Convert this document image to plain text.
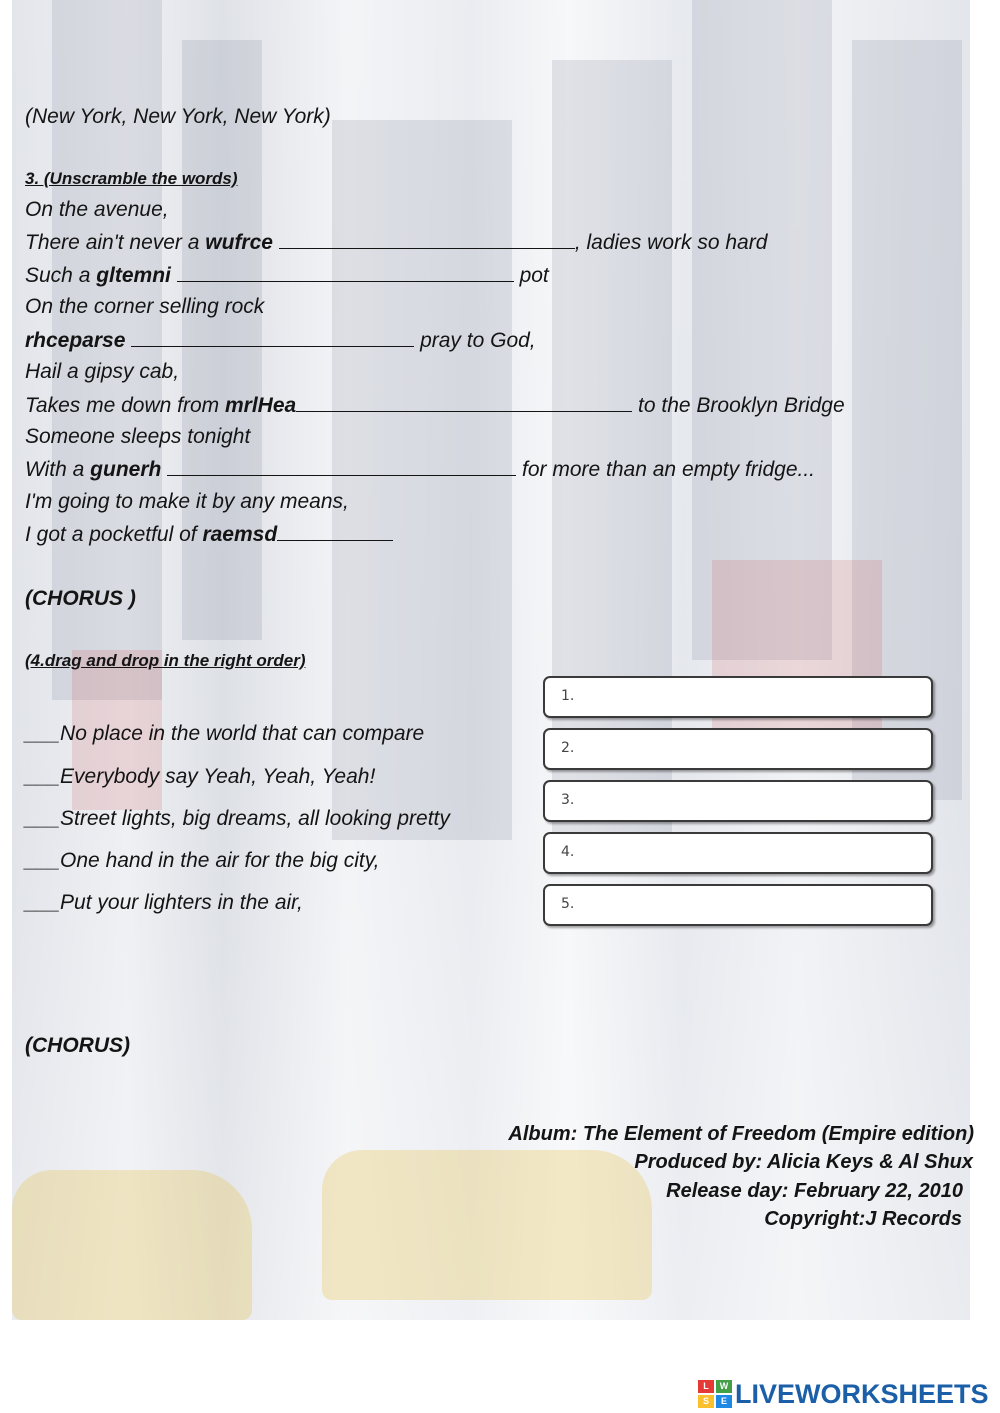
(New York, New York, New York)
3. (Unscramble the words)
On the avenue,
There ain't never a wufrce	, ladies work so hard
Such a gltemni	pot
On the corner selling rock
rhceparse	pray to God,
Hail a gipsy cab,
Takes me down from mrlHea	to the Brooklyn Bridge
Someone sleeps tonight
With a gunerh	for more than an empty fridge...
I'm going to make it by any means,
I got a pocketful of raemsd
(CHORUS )
(4.drag and drop in the right order)
___No place in the world that can compare
___Everybody say Yeah, Yeah, Yeah!
___Street lights, big dreams, all looking pretty
___One hand in the air for the big city,
___Put your lighters in the air,
1.
2.
3.
4.
5.
(CHORUS)
Album: The Element of Freedom (Empire edition)
Produced by: Alicia Keys & Al Shux
Release day: February 22, 2010
Copyright:J Records
L	W
S	E LIVEWORKSHEETS
